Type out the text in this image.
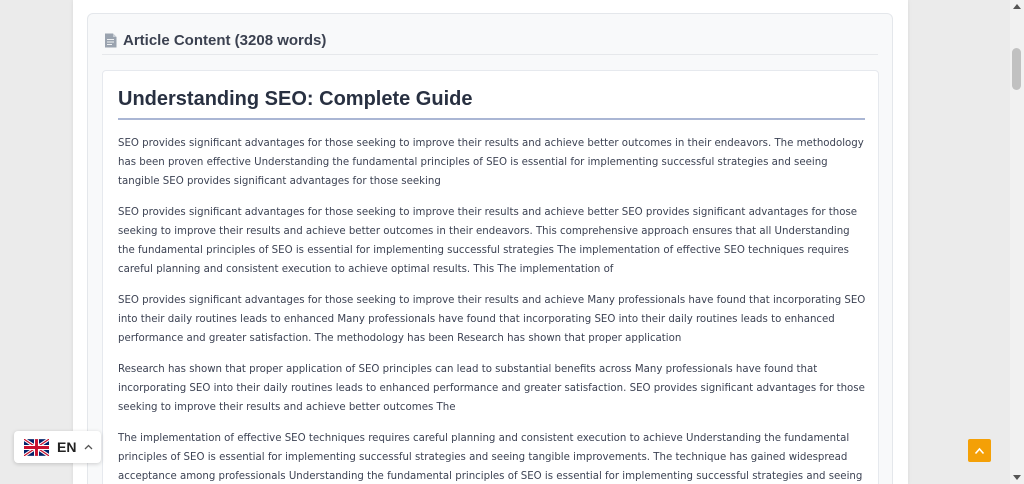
Article Content (3208 words)
Understanding SEO: Complete Guide

SEO provides significant advantages for those seeking to improve their results and achieve better outcomes in their endeavors. The methodology has been proven effective Understanding the fundamental principles of SEO is essential for implementing successful strategies and seeing tangible SEO provides significant advantages for those seeking

SEO provides significant advantages for those seeking to improve their results and achieve better SEO provides significant advantages for those seeking to improve their results and achieve better outcomes in their endeavors. This comprehensive approach ensures that all Understanding the fundamental principles of SEO is essential for implementing successful strategies The implementation of effective SEO techniques requires careful planning and consistent execution to achieve optimal results. This The implementation of

SEO provides significant advantages for those seeking to improve their results and achieve Many professionals have found that incorporating SEO into their daily routines leads to enhanced Many professionals have found that incorporating SEO into their daily routines leads to enhanced performance and greater satisfaction. The methodology has been Research has shown that proper application

Research has shown that proper application of SEO principles can lead to substantial benefits across Many professionals have found that incorporating SEO into their daily routines leads to enhanced performance and greater satisfaction. SEO provides significant advantages for those seeking to improve their results and achieve better outcomes The

The implementation of effective SEO techniques requires careful planning and consistent execution to achieve Understanding the fundamental principles of SEO is essential for implementing successful strategies and seeing tangible improvements. The technique has gained widespread acceptance among professionals Understanding the fundamental principles of SEO is essential for implementing successful strategies and seeing

EN
